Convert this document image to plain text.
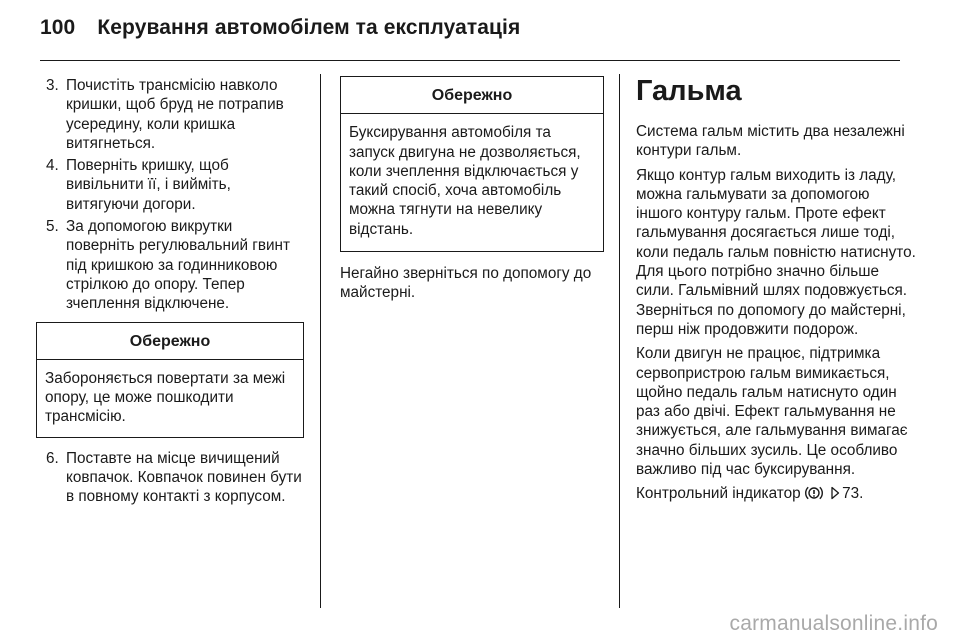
100 Керування автомобілем та експлуатація
3. Почистіть трансмісію навколо кришки, щоб бруд не потрапив усередину, коли кришка витягнеться.
4. Поверніть кришку, щоб вивільнити її, і вийміть, витягуючи догори.
5. За допомогою викрутки поверніть регулювальний гвинт під кришкою за годинниковою стрілкою до опору. Тепер зчеплення відключене.
Обережно
Забороняється повертати за межі опору, це може пошкодити трансмісію.
6. Поставте на місце вичищений ковпачок. Ковпачок повинен бути в повному контакті з корпусом.
Обережно
Буксирування автомобіля та запуск двигуна не дозволяється, коли зчеплення відключається у такий спосіб, хоча автомобіль можна тягнути на невелику відстань.

Негайно зверніться по допомогу до майстерні.

Гальма

Система гальм містить два незалежні контури гальм.

Якщо контур гальм виходить із ладу, можна гальмувати за допомогою іншого контуру гальм. Проте ефект гальмування досягається лише тоді, коли педаль гальм повністю натиснуто. Для цього потрібно значно більше сили. Гальмівний шлях подовжується. Зверніться по допомогу до майстерні, перш ніж продовжити подорож.

Коли двигун не працює, підтримка сервопристрою гальм вимикається, щойно педаль гальм натиснуто один раз або двічі. Ефект гальмування не знижується, але гальмування вимагає значно більших зусиль. Це особливо важливо під час буксирування.

Контрольний індикатор	73.

carmanualsonline.info
